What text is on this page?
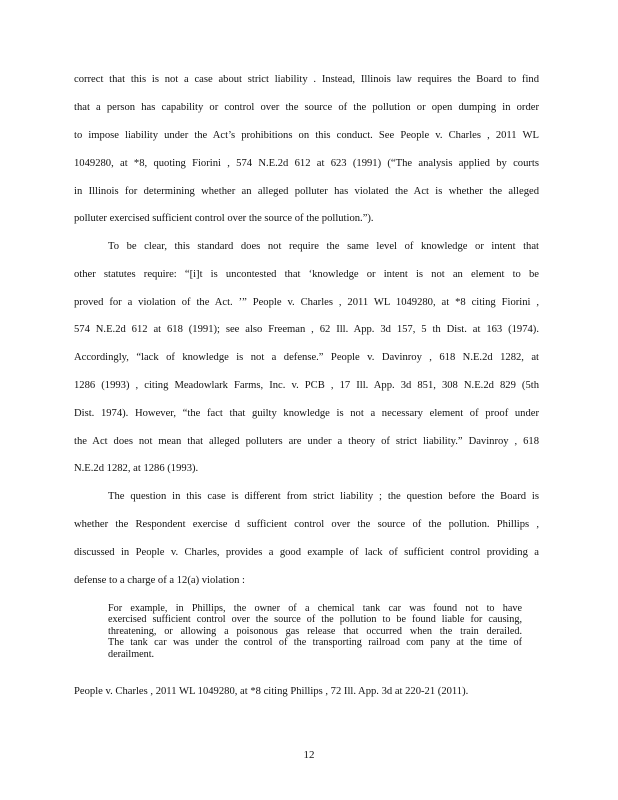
correct that this is not a case about strict liability . Instead, Illinois law requires the Board to find
that a person has capability or control over the source of the pollution or open dumping in order
to impose liability under the Act’s prohibitions on this conduct. See People v. Charles , 2011 WL
1049280, at *8, quoting Fiorini , 574 N.E.2d 612 at 623 (1991) (“The analysis applied by courts
in Illinois for determining whether an alleged polluter has violated the Act is whether the alleged
polluter exercised sufficient control over the source of the pollution.”).
To be clear, this standard does not require the same level of knowledge or intent that
other statutes require: “[i]t is uncontested that ‘knowledge or intent is not an element to be
proved for a violation of the Act. ’” People v. Charles , 2011 WL 1049280, at *8 citing Fiorini ,
574 N.E.2d 612 at 618 (1991); see also Freeman , 62 Ill. App. 3d 157, 5 th Dist. at 163 (1974).
Accordingly, “lack of knowledge is not a defense.” People v. Davinroy , 618 N.E.2d 1282, at
1286 (1993) , citing Meadowlark Farms, Inc. v. PCB , 17 Ill. App. 3d 851, 308 N.E.2d 829 (5th
Dist. 1974). However, “the fact that guilty knowledge is not a necessary element of proof under
the Act does not mean that alleged polluters are under a theory of strict liability.” Davinroy , 618
N.E.2d 1282, at 1286 (1993).
The question in this case is different from strict liability ; the question before the Board is
whether the Respondent exercise d sufficient control over the source of the pollution. Phillips ,
discussed in People v. Charles, provides a good example of lack of sufficient control providing a
defense to a charge of a 12(a) violation :
For example, in Phillips, the owner of a chemical tank car was found not to have
exercised sufficient control over the source of the pollution to be found liable for causing,
threatening, or allowing a poisonous gas release that occurred when the train derailed.
The tank car was under the control of the transporting railroad com pany at the time of
derailment.
People v. Charles , 2011 WL 1049280, at *8 citing Phillips , 72 Ill. App. 3d at 220-21 (2011).
12
